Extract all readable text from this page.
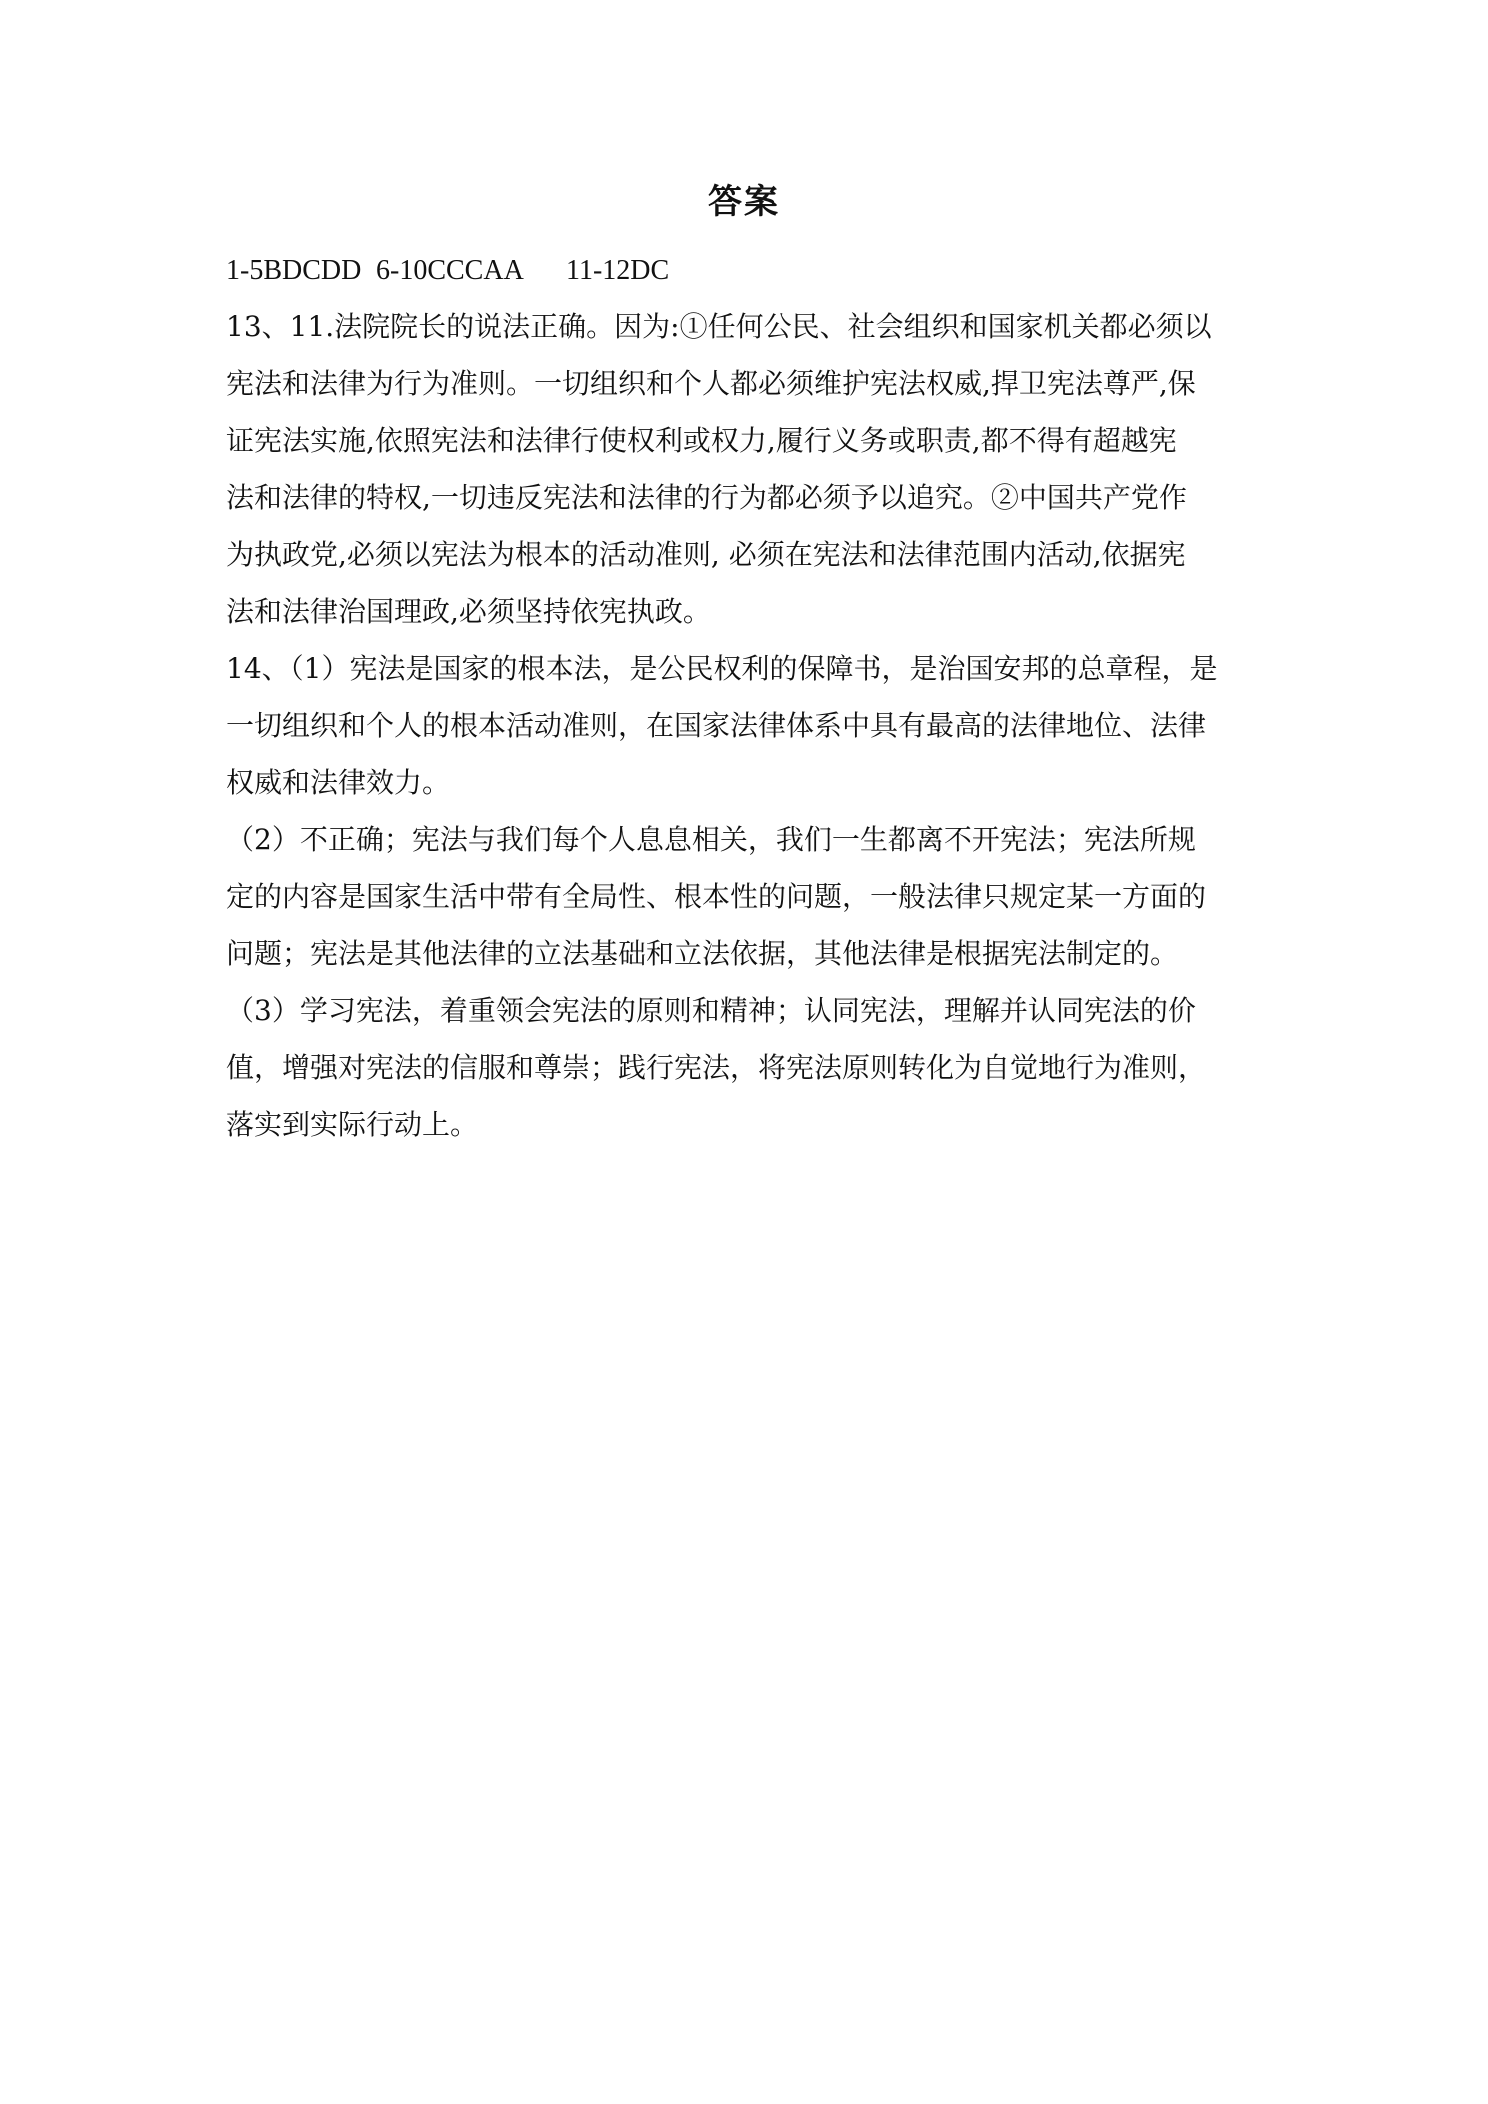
答案
1-5BDCDD 6-10CCCAA 11-12DC
13、11.法院院长的说法正确。因为:①任何公民、社会组织和国家机关都必须以
宪法和法律为行为准则。一切组织和个人都必须维护宪法权威,捍卫宪法尊严,保
证宪法实施,依照宪法和法律行使权利或权力,履行义务或职责,都不得有超越宪
法和法律的特权,一切违反宪法和法律的行为都必须予以追究。②中国共产党作
为执政党,必须以宪法为根本的活动准则, 必须在宪法和法律范围内活动,依据宪
法和法律治国理政,必须坚持依宪执政。
14、（1）宪法是国家的根本法，是公民权利的保障书，是治国安邦的总章程，是
一切组织和个人的根本活动准则，在国家法律体系中具有最高的法律地位、法律
权威和法律效力。
（2）不正确；宪法与我们每个人息息相关，我们一生都离不开宪法；宪法所规
定的内容是国家生活中带有全局性、根本性的问题，一般法律只规定某一方面的
问题；宪法是其他法律的立法基础和立法依据，其他法律是根据宪法制定的。
（3）学习宪法，着重领会宪法的原则和精神；认同宪法，理解并认同宪法的价
值，增强对宪法的信服和尊崇；践行宪法，将宪法原则转化为自觉地行为准则，
落实到实际行动上。
